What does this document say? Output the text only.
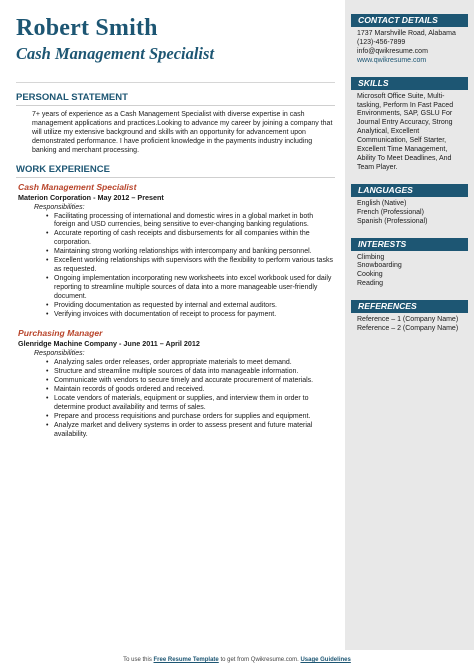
Robert Smith
Cash Management Specialist
PERSONAL STATEMENT
7+ years of experience as a Cash Management Specialist with diverse expertise in cash management applications and practices.Looking to advance my career by joining a company that will utilize my extensive background and skills with an opportunity for advancement upon demonstrated performance. I have proficient knowledge in the payments industry including banking and merchant processing.
WORK EXPERIENCE
Cash Management Specialist
Materion Corporation - May 2012 – Present
Responsibilities:
• Facilitating processing of international and domestic wires in a global market in both foreign and USD currencies, being sensitive to ever-changing banking regulations.
• Accurate reporting of cash receipts and disbursements for all companies within the corporation.
• Maintaining strong working relationships with intercompany and banking personnel.
• Excellent working relationships with supervisors with the flexibility to perform various tasks as requested.
• Ongoing implementation incorporating new worksheets into excel workbook used for daily reporting to streamline multiple sources of data into a more manageable user-friendly document.
• Providing documentation as requested by internal and external auditors.
• Verifying invoices with documentation of receipt to process for payment.
Purchasing Manager
Glenridge Machine Company - June 2011 – April 2012
Responsibilities:
• Analyzing sales order releases, order appropriate materials to meet demand.
• Structure and streamline multiple sources of data into manageable information.
• Communicate with vendors to secure timely and accurate procurement of materials.
• Maintain records of goods ordered and received.
• Locate vendors of materials, equipment or supplies, and interview them in order to determine product availability and terms of sales.
• Prepare and process requisitions and purchase orders for supplies and equipment.
• Analyze market and delivery systems in order to assess present and future material availability.
CONTACT DETAILS
1737 Marshville Road, Alabama
(123)-456-7899
info@qwikresume.com
www.qwikresume.com
SKILLS
Microsoft Office Suite, Multi-tasking, Perform In Fast Paced Environments, SAP, GSLU For Journal Entry Accuracy, Strong Analytical, Excellent Communication, Self Starter, Excellent Time Management, Ability To Meet Deadlines, And Team Player.
LANGUAGES
English (Native)
French (Professional)
Spanish (Professional)
INTERESTS
Climbing
Snowboarding
Cooking
Reading
REFERENCES
Reference – 1 (Company Name)
Reference – 2 (Company Name)
To use this Free Resume Template to get from Qwikresume.com. Usage Guidelines
